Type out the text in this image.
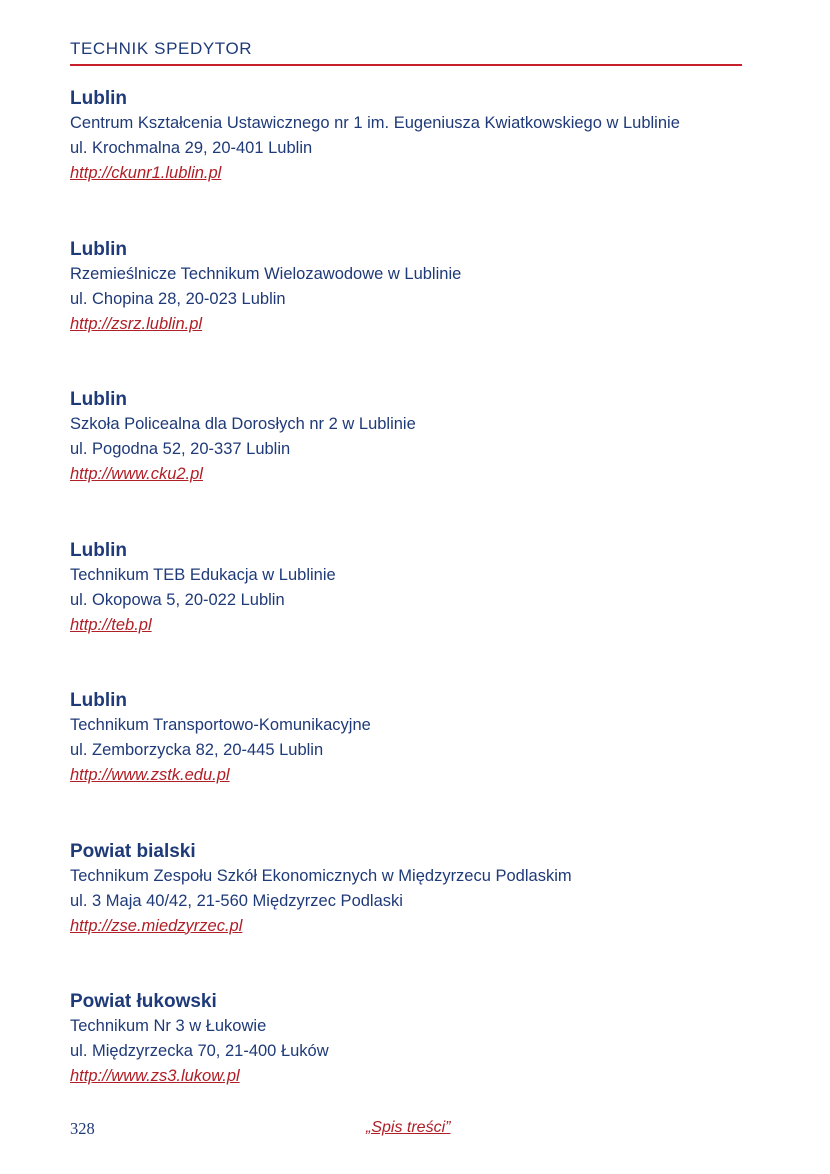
TECHNIK SPEDYTOR
Lublin
Centrum Kształcenia Ustawicznego nr 1 im. Eugeniusza Kwiatkowskiego w Lublinie
ul. Krochmalna 29, 20-401 Lublin
http://ckunr1.lublin.pl
Lublin
Rzemieślnicze Technikum Wielozawodowe w Lublinie
ul. Chopina 28, 20-023 Lublin
http://zsrz.lublin.pl
Lublin
Szkoła Policealna dla Dorosłych nr 2 w Lublinie
ul. Pogodna 52, 20-337 Lublin
http://www.cku2.pl
Lublin
Technikum TEB Edukacja w Lublinie
ul. Okopowa 5, 20-022 Lublin
http://teb.pl
Lublin
Technikum Transportowo-Komunikacyjne
ul. Zemborzycka 82, 20-445 Lublin
http://www.zstk.edu.pl
Powiat bialski
Technikum Zespołu Szkół Ekonomicznych w Międzyrzecu Podlaskim
ul. 3 Maja 40/42, 21-560 Międzyrzec Podlaski
http://zse.miedzyrzec.pl
Powiat łukowski
Technikum Nr 3 w Łukowie
ul. Międzyrzecka 70, 21-400 Łuków
http://www.zs3.lukow.pl
328	„Spis treści”
